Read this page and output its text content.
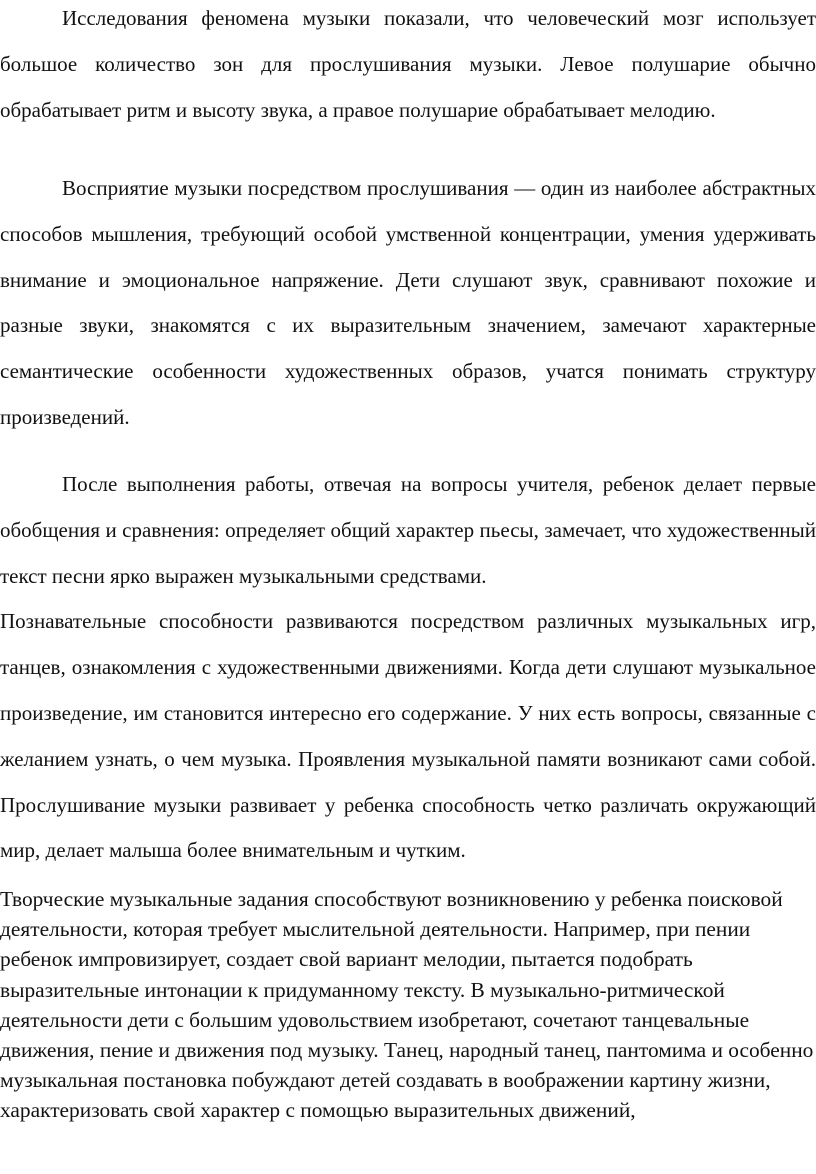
Исследования феномена музыки показали, что человеческий мозг использует большое количество зон для прослушивания музыки. Левое полушарие обычно обрабатывает ритм и высоту звука, а правое полушарие обрабатывает мелодию.

Восприятие музыки посредством прослушивания — один из наиболее абстрактных способов мышления, требующий особой умственной концентрации, умения удерживать внимание и эмоциональное напряжение. Дети слушают звук, сравнивают похожие и разные звуки, знакомятся с их выразительным значением, замечают характерные семантические особенности художественных образов, учатся понимать структуру произведений.

После выполнения работы, отвечая на вопросы учителя, ребенок делает первые обобщения и сравнения: определяет общий характер пьесы, замечает, что художественный текст песни ярко выражен музыкальными средствами.
Познавательные способности развиваются посредством различных музыкальных игр, танцев, ознакомления с художественными движениями. Когда дети слушают музыкальное произведение, им становится интересно его содержание. У них есть вопросы, связанные с желанием узнать, о чем музыка. Проявления музыкальной памяти возникают сами собой. Прослушивание музыки развивает у ребенка способность четко различать окружающий мир, делает малыша более внимательным и чутким.

Творческие музыкальные задания способствуют возникновению у ребенка поисковой деятельности, которая требует мыслительной деятельности. Например, при пении ребенок импровизирует, создает свой вариант мелодии, пытается подобрать выразительные интонации к придуманному тексту. В музыкально-ритмической деятельности дети с большим удовольствием изобретают, сочетают танцевальные движения, пение и движения под музыку. Танец, народный танец, пантомима и особенно музыкальная постановка побуждают детей создавать в воображении картину жизни, характеризовать свой характер с помощью выразительных движений,
